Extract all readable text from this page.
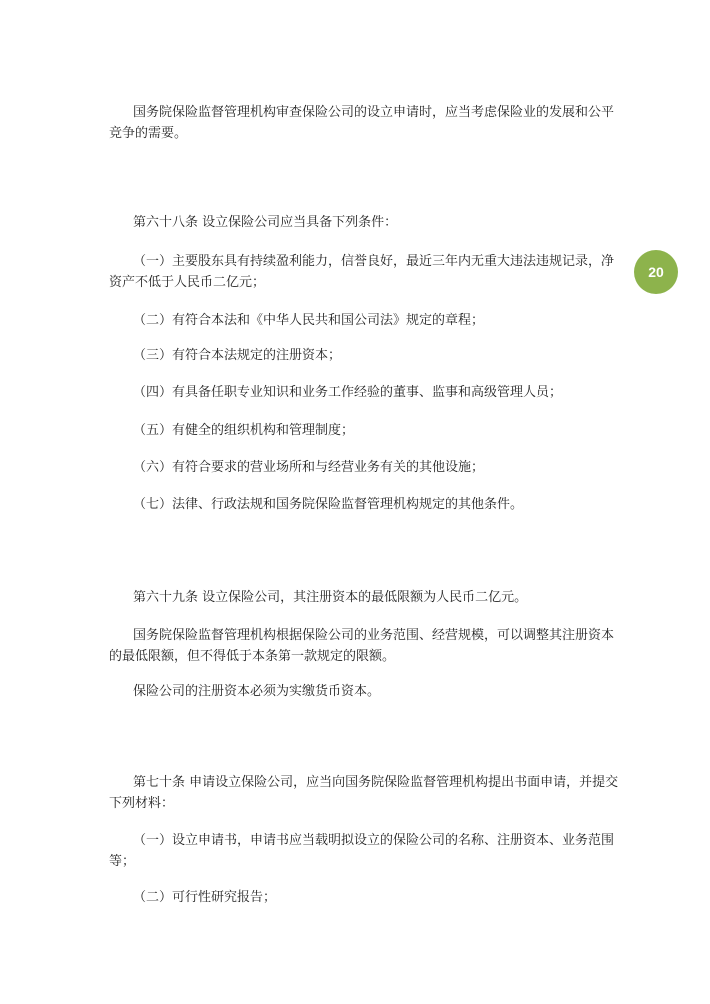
20
国务院保险监督管理机构审查保险公司的设立申请时，应当考虑保险业的发展和公平
竞争的需要。
第六十八条 设立保险公司应当具备下列条件：
（一）主要股东具有持续盈利能力，信誉良好，最近三年内无重大违法违规记录，净
资产不低于人民币二亿元；
（二）有符合本法和《中华人民共和国公司法》规定的章程；
（三）有符合本法规定的注册资本；
（四）有具备任职专业知识和业务工作经验的董事、监事和高级管理人员；
（五）有健全的组织机构和管理制度；
（六）有符合要求的营业场所和与经营业务有关的其他设施；
（七）法律、行政法规和国务院保险监督管理机构规定的其他条件。
第六十九条 设立保险公司，其注册资本的最低限额为人民币二亿元。
国务院保险监督管理机构根据保险公司的业务范围、经营规模，可以调整其注册资本
的最低限额，但不得低于本条第一款规定的限额。
保险公司的注册资本必须为实缴货币资本。
第七十条 申请设立保险公司，应当向国务院保险监督管理机构提出书面申请，并提交
下列材料：
（一）设立申请书，申请书应当载明拟设立的保险公司的名称、注册资本、业务范围
等；
（二）可行性研究报告；
